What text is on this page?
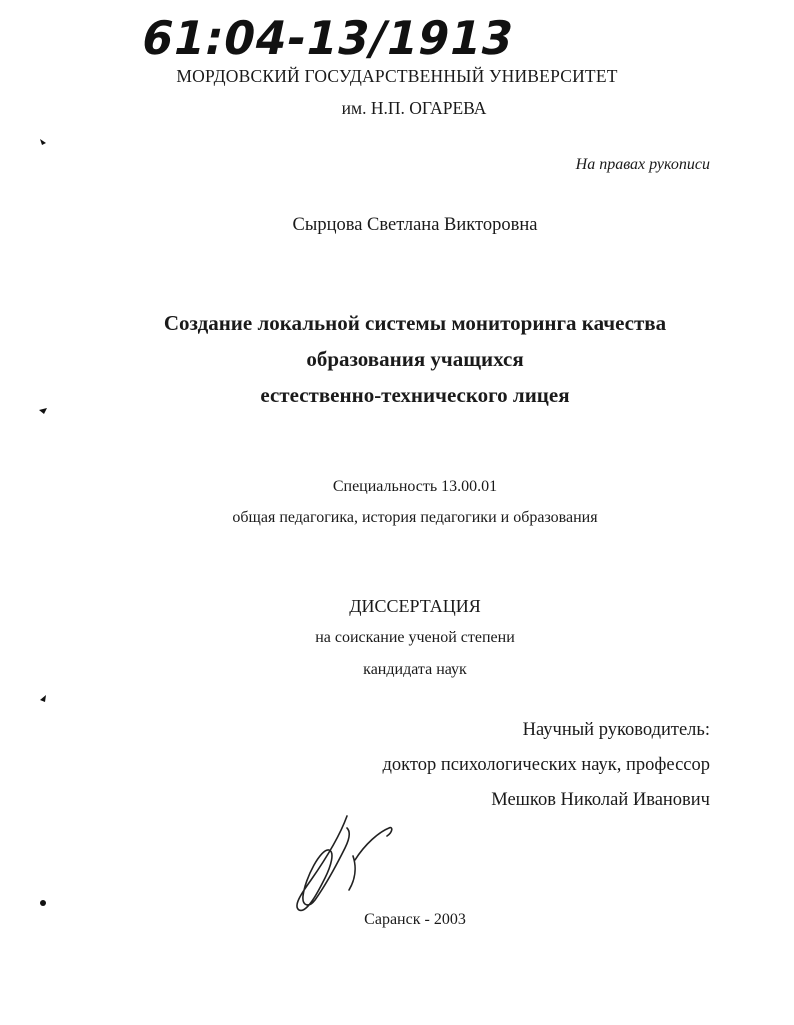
61:04-13/1913
МОРДОВСКИЙ ГОСУДАРСТВЕННЫЙ УНИВЕРСИТЕТ
им. Н.П. ОГАРЕВА
На правах рукописи
Сырцова Светлана Викторовна
Создание локальной системы мониторинга качества
образования учащихся
естественно-технического лицея
Специальность 13.00.01
общая педагогика, история педагогики и образования
ДИССЕРТАЦИЯ
на соискание ученой степени
кандидата наук
Научный руководитель:
доктор психологических наук, профессор
Мешков Николай Иванович
Саранск - 2003
